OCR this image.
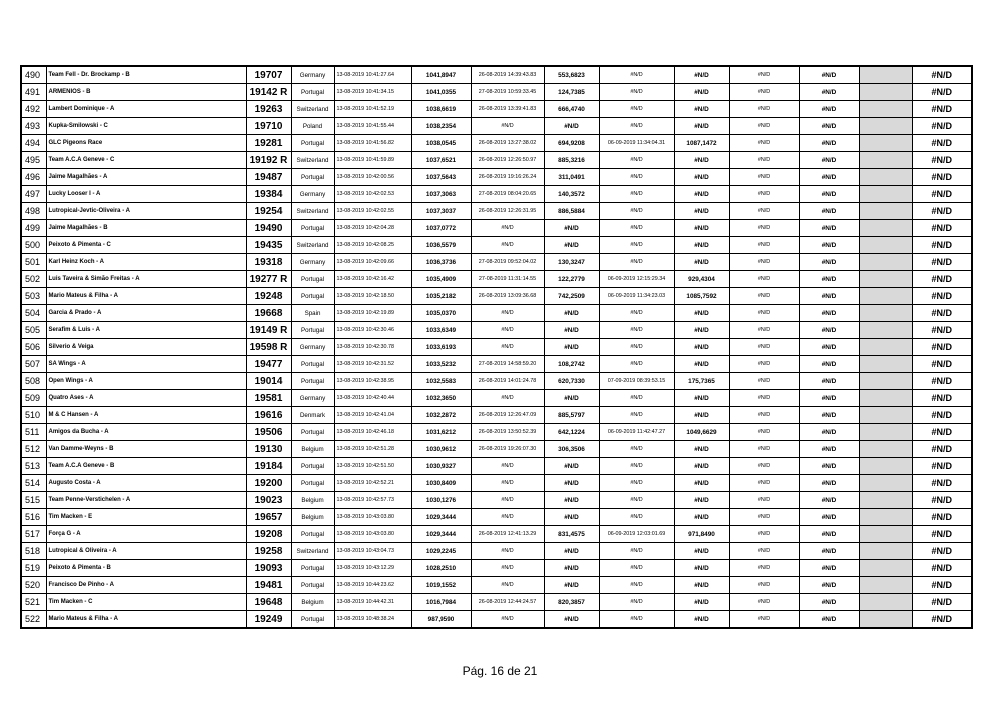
490	Team Fell - Dr. Brockamp - B	19707	Germany	13-08-2019 10:41:27.64	1041,8947	26-08-2019 14:39:43.83	553,6823	#N/D	#N/D	#N/D	#N/D		#N/D
491	ARMENIOS - B	19142 R	Portugal	13-08-2019 10:41:34.15	1041,0355	27-08-2019 10:59:33.45	124,7385	#N/D	#N/D	#N/D	#N/D		#N/D
492	Lambert Dominique - A	19263	Switzerland	13-08-2019 10:41:52.19	1038,6619	26-08-2019 13:39:41.83	666,4740	#N/D	#N/D	#N/D	#N/D		#N/D
493	Kupka-Smilowski - C	19710	Poland	13-08-2019 10:41:55.44	1038,2354	#N/D	#N/D	#N/D	#N/D	#N/D	#N/D		#N/D
494	GLC Pigeons Race	19281	Portugal	13-08-2019 10:41:56.82	1038,0545	26-08-2019 13:27:38.02	694,9208	06-09-2019 11:34:04.31	1087,1472	#N/D	#N/D		#N/D
495	Team A.C.A Geneve - C	19192 R	Switzerland	13-08-2019 10:41:59.89	1037,6521	26-08-2019 12:26:50.97	885,3216	#N/D	#N/D	#N/D	#N/D		#N/D
496	Jaime Magalhães - A	19487	Portugal	13-08-2019 10:42:00.56	1037,5643	26-08-2019 19:16:26.24	311,0491	#N/D	#N/D	#N/D	#N/D		#N/D
497	Lucky Looser I - A	19384	Germany	13-08-2019 10:42:02.53	1037,3063	27-08-2019 08:04:20.65	140,3572	#N/D	#N/D	#N/D	#N/D		#N/D
498	Lutropical-Jevtic-Oliveira - A	19254	Switzerland	13-08-2019 10:42:02.55	1037,3037	26-08-2019 12:26:31.95	886,5884	#N/D	#N/D	#N/D	#N/D		#N/D
499	Jaime Magalhães - B	19490	Portugal	13-08-2019 10:42:04.28	1037,0772	#N/D	#N/D	#N/D	#N/D	#N/D	#N/D		#N/D
500	Peixoto & Pimenta - C	19435	Switzerland	13-08-2019 10:42:08.25	1036,5579	#N/D	#N/D	#N/D	#N/D	#N/D	#N/D		#N/D
501	Karl Heinz Koch - A	19318	Germany	13-08-2019 10:42:09.66	1036,3736	27-08-2019 09:52:04.02	130,3247	#N/D	#N/D	#N/D	#N/D		#N/D
502	Luis Taveira & Simão Freitas - A	19277 R	Portugal	13-08-2019 10:42:16.42	1035,4909	27-08-2019 11:31:14.55	122,2779	06-09-2019 12:15:29.34	929,4304	#N/D	#N/D		#N/D
503	Mario Mateus & Filha - A	19248	Portugal	13-08-2019 10:42:18.50	1035,2182	26-08-2019 13:09:36.68	742,2509	06-09-2019 11:34:23.03	1085,7592	#N/D	#N/D		#N/D
504	Garcia & Prado - A	19668	Spain	13-08-2019 10:42:19.89	1035,0370	#N/D	#N/D	#N/D	#N/D	#N/D	#N/D		#N/D
505	Serafim & Luis - A	19149 R	Portugal	13-08-2019 10:42:30.46	1033,6349	#N/D	#N/D	#N/D	#N/D	#N/D	#N/D		#N/D
506	Silverio & Veiga	19598 R	Germany	13-08-2019 10:42:30.78	1033,6193	#N/D	#N/D	#N/D	#N/D	#N/D	#N/D		#N/D
507	SA Wings - A	19477	Portugal	13-08-2019 10:42:31.52	1033,5232	27-08-2019 14:58:59.20	108,2742	#N/D	#N/D	#N/D	#N/D		#N/D
508	Open Wings - A	19014	Portugal	13-08-2019 10:42:38.95	1032,5583	26-08-2019 14:01:24.78	620,7330	07-09-2019 08:39:53.15	175,7365	#N/D	#N/D		#N/D
509	Quatro Ases - A	19581	Germany	13-08-2019 10:42:40.44	1032,3650	#N/D	#N/D	#N/D	#N/D	#N/D	#N/D		#N/D
510	M & C Hansen - A	19616	Denmark	13-08-2019 10:42:41.04	1032,2872	26-08-2019 12:26:47.09	885,5797	#N/D	#N/D	#N/D	#N/D		#N/D
511	Amigos da Bucha - A	19506	Portugal	13-08-2019 10:42:46.18	1031,6212	26-08-2019 13:50:52.39	642,1224	06-09-2019 11:42:47.27	1049,6629	#N/D	#N/D		#N/D
512	Van Damme-Weyns - B	19130	Belgium	13-08-2019 10:42:51.28	1030,9612	26-08-2019 19:26:07.30	306,3506	#N/D	#N/D	#N/D	#N/D		#N/D
513	Team A.C.A Geneve - B	19184	Portugal	13-08-2019 10:42:51.50	1030,9327	#N/D	#N/D	#N/D	#N/D	#N/D	#N/D		#N/D
514	Augusto Costa - A	19200	Portugal	13-08-2019 10:42:52.21	1030,8409	#N/D	#N/D	#N/D	#N/D	#N/D	#N/D		#N/D
515	Team Penne-Verstichelen - A	19023	Belgium	13-08-2019 10:42:57.73	1030,1276	#N/D	#N/D	#N/D	#N/D	#N/D	#N/D		#N/D
516	Tim Macken - E	19657	Belgium	13-08-2019 10:43:03.80	1029,3444	#N/D	#N/D	#N/D	#N/D	#N/D	#N/D		#N/D
517	Força G - A	19208	Portugal	13-08-2019 10:43:03.80	1029,3444	26-08-2019 12:41:13.29	831,4575	06-09-2019 12:03:01.69	971,8490	#N/D	#N/D		#N/D
518	Lutropical & Oliveira - A	19258	Switzerland	13-08-2019 10:43:04.73	1029,2245	#N/D	#N/D	#N/D	#N/D	#N/D	#N/D		#N/D
519	Peixoto & Pimenta - B	19093	Portugal	13-08-2019 10:43:12.29	1028,2510	#N/D	#N/D	#N/D	#N/D	#N/D	#N/D		#N/D
520	Francisco De Pinho - A	19481	Portugal	13-08-2019 10:44:23.62	1019,1552	#N/D	#N/D	#N/D	#N/D	#N/D	#N/D		#N/D
521	Tim Macken - C	19648	Belgium	13-08-2019 10:44:42.31	1016,7984	26-08-2019 12:44:24.57	820,3857	#N/D	#N/D	#N/D	#N/D		#N/D
522	Mario Mateus & Filha - A	19249	Portugal	13-08-2019 10:48:38.24	987,9590	#N/D	#N/D	#N/D	#N/D	#N/D	#N/D		#N/D
Pág. 16 de 21
